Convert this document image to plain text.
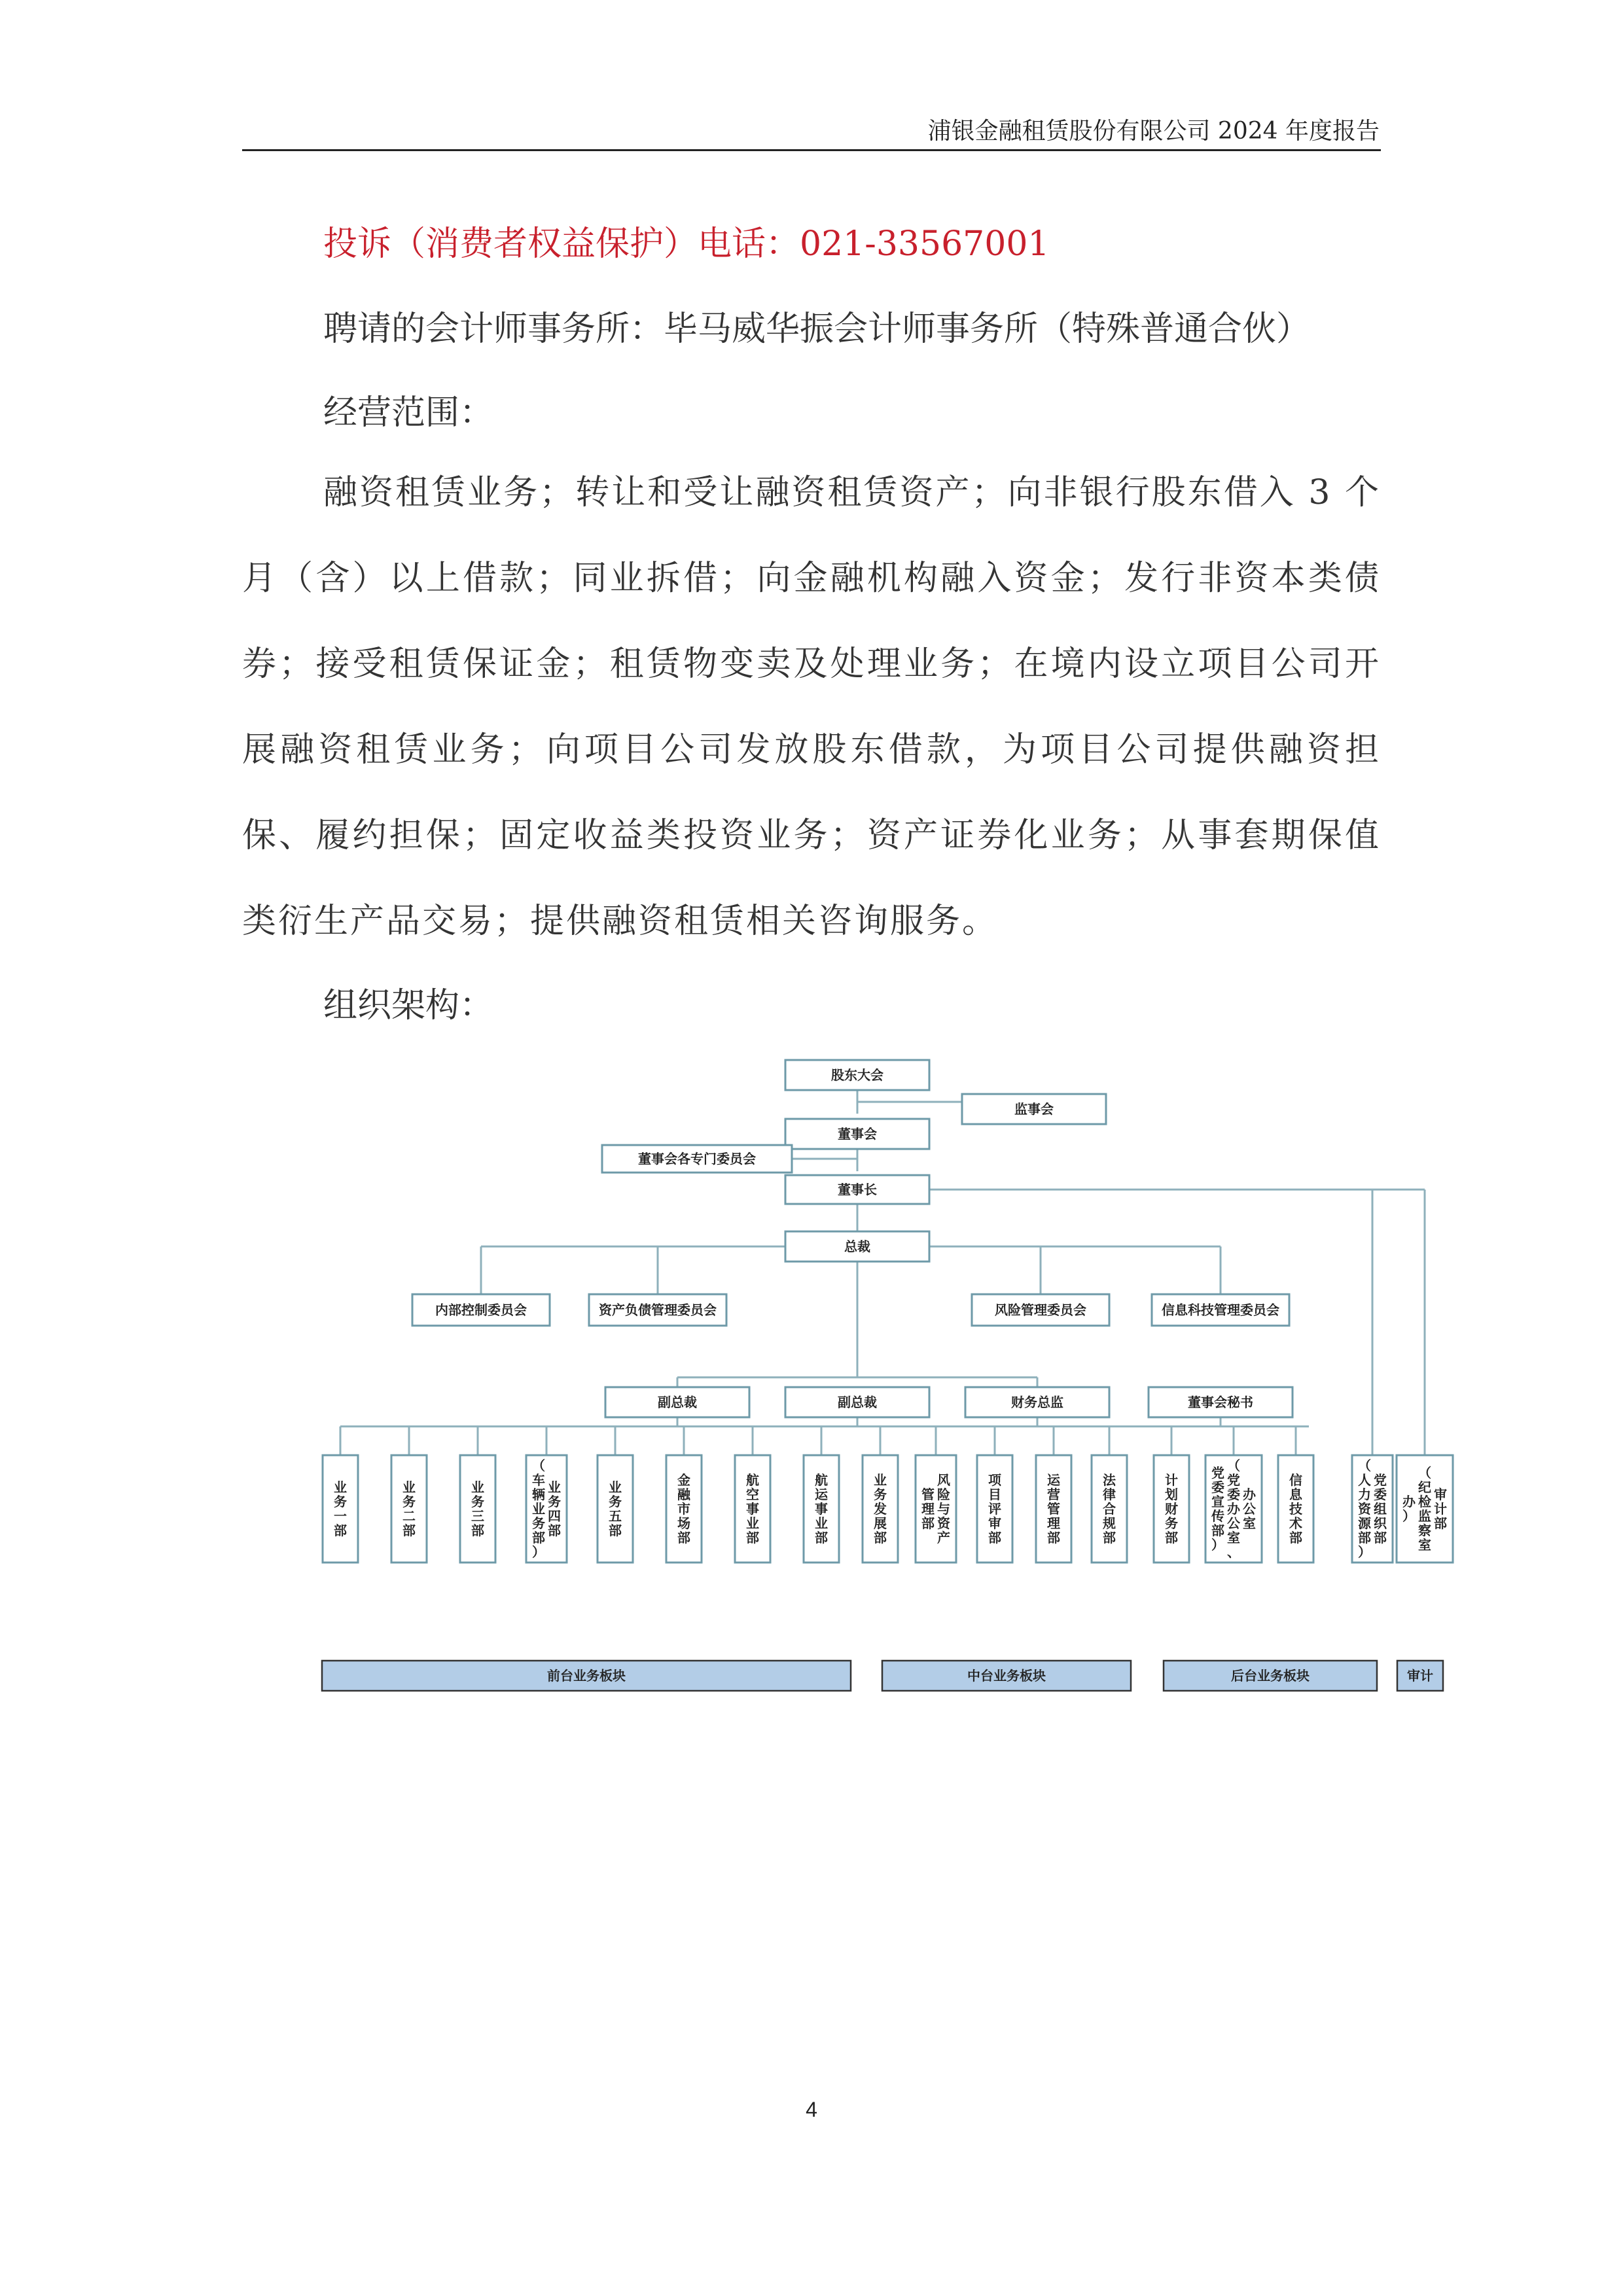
浦银金融租赁股份有限公司 2024 年度报告
投诉（消费者权益保护）电话：021-33567001
聘请的会计师事务所：毕马威华振会计师事务所（特殊普通合伙）
经营范围：
融资租赁业务；转让和受让融资租赁资产；向非银行股东借入 3 个月（含）以上借款；同业拆借；向金融机构融入资金；发行非资本类债券；接受租赁保证金；租赁物变卖及处理业务；在境内设立项目公司开展融资租赁业务；向项目公司发放股东借款，为项目公司提供融资担保、履约担保；固定收益类投资业务；资产证券化业务；从事套期保值类衍生产品交易；提供融资租赁相关咨询服务。
组织架构：
股东大会
监事会
董事会
董事会各专门委员会
董事长
总裁
内部控制委员会	资产负债管理委员会	风险管理委员会	信息科技管理委员会
副总裁	副总裁	财务总监	董事会秘书
业
务
一
部
业
务
二
部
业
务
三
部
业
务
四
部
（
车
辆
业
务
部
）
业
务
五
部
金
融
市
场
部
航
空
事
业
部
航
运
事
业
部
业
务
发
展
部
风
险
与
资
产
管
理
部
项
目
评
审
部
运
营
管
理
部
法
律
合
规
部
计
划
财
务
部
办
公
室
（
党
委
办
公
室
、
党
委
宣
传
部
）
信
息
技
术
部
党
委
组
织
部
（
人
力
资
源
部
）
审
计
部
（
纪
检
监
察
室
办
）
前台业务板块	中台业务板块	后台业务板块	审计
4
